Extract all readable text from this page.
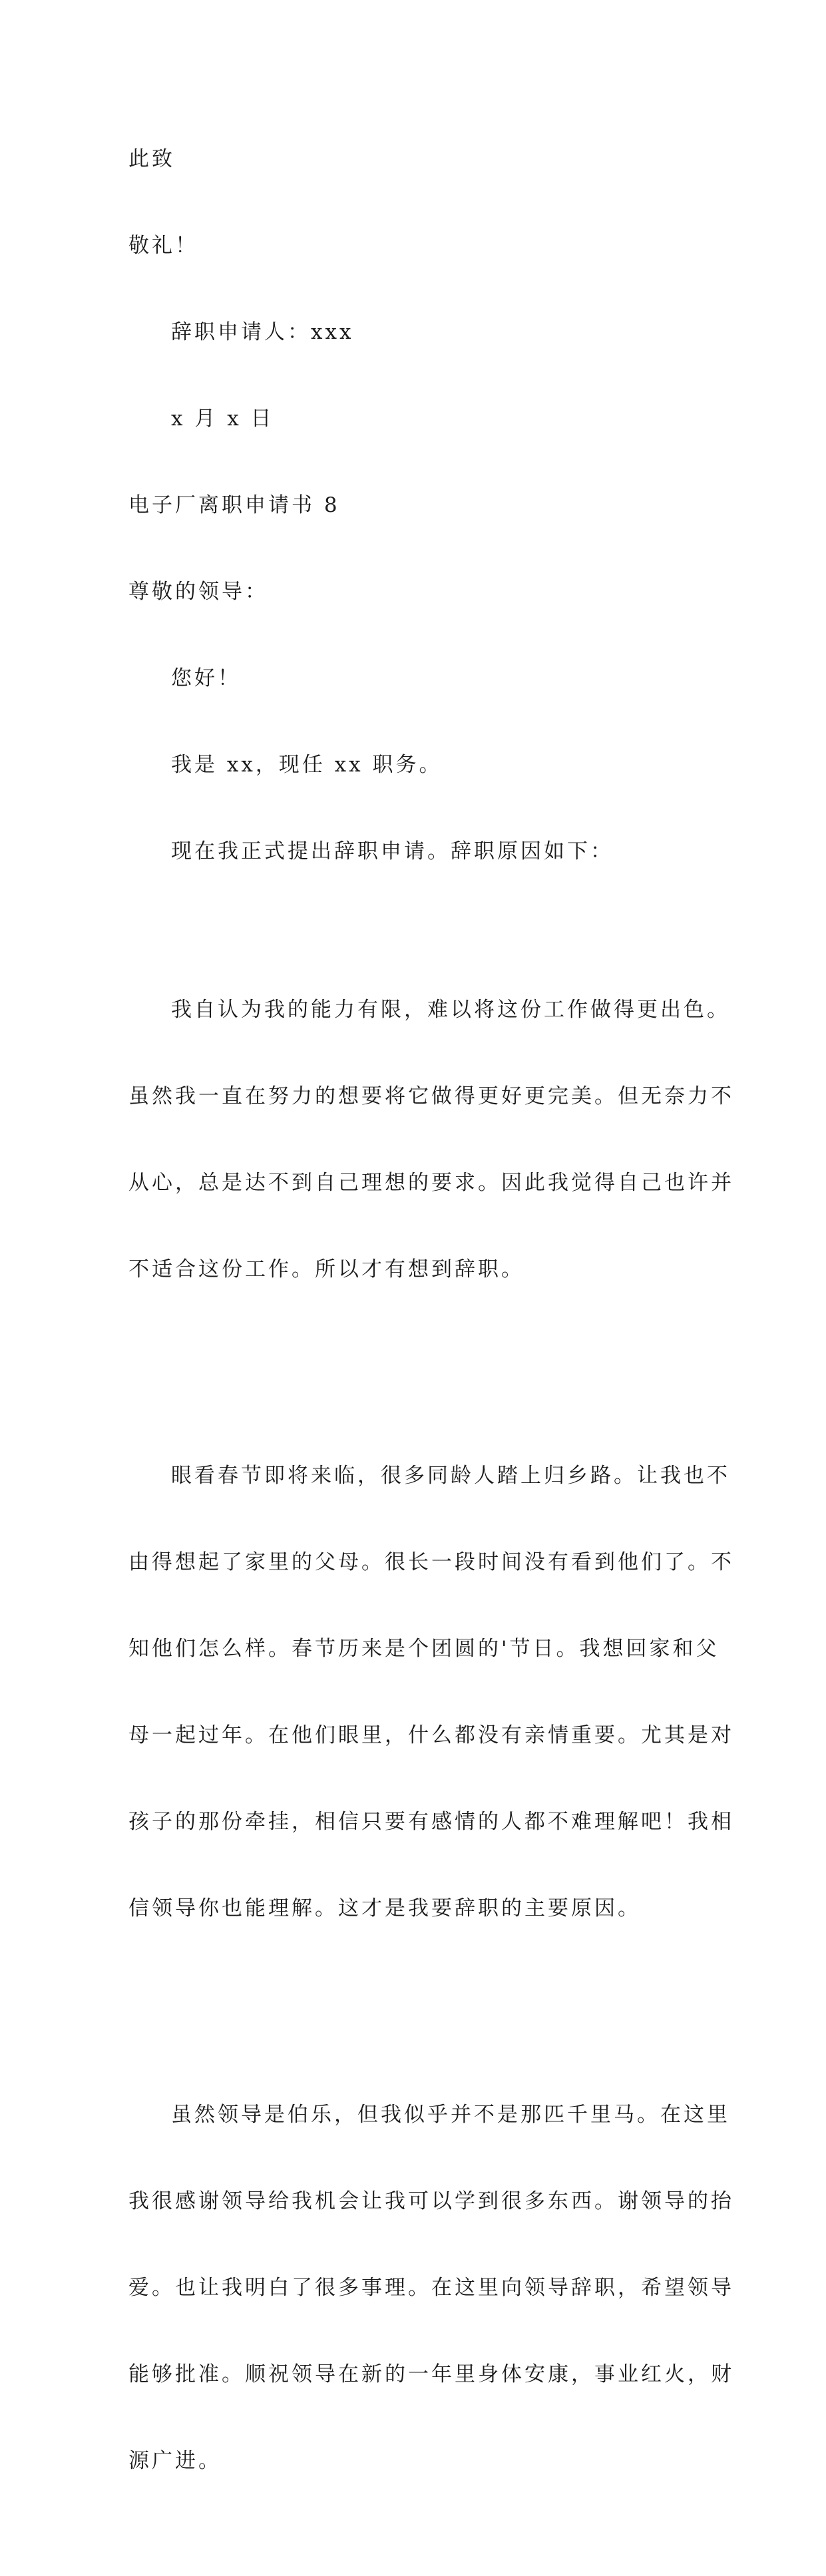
此致

敬礼！

辞职申请人：xxx

x 月 x 日

电子厂离职申请书 8

尊敬的领导：

您好！

我是 xx，现任 xx 职务。

现在我正式提出辞职申请。辞职原因如下：

我自认为我的能力有限，难以将这份工作做得更出色。

虽然我一直在努力的想要将它做得更好更完美。但无奈力不

从心，总是达不到自己理想的要求。因此我觉得自己也许并

不适合这份工作。所以才有想到辞职。

眼看春节即将来临，很多同龄人踏上归乡路。让我也不

由得想起了家里的父母。很长一段时间没有看到他们了。不

知他们怎么样。春节历来是个团圆的'节日。我想回家和父

母一起过年。在他们眼里，什么都没有亲情重要。尤其是对

孩子的那份牵挂，相信只要有感情的人都不难理解吧！我相

信领导你也能理解。这才是我要辞职的主要原因。

虽然领导是伯乐，但我似乎并不是那匹千里马。在这里

我很感谢领导给我机会让我可以学到很多东西。谢领导的抬

爱。也让我明白了很多事理。在这里向领导辞职，希望领导

能够批准。顺祝领导在新的一年里身体安康，事业红火，财

源广进。
